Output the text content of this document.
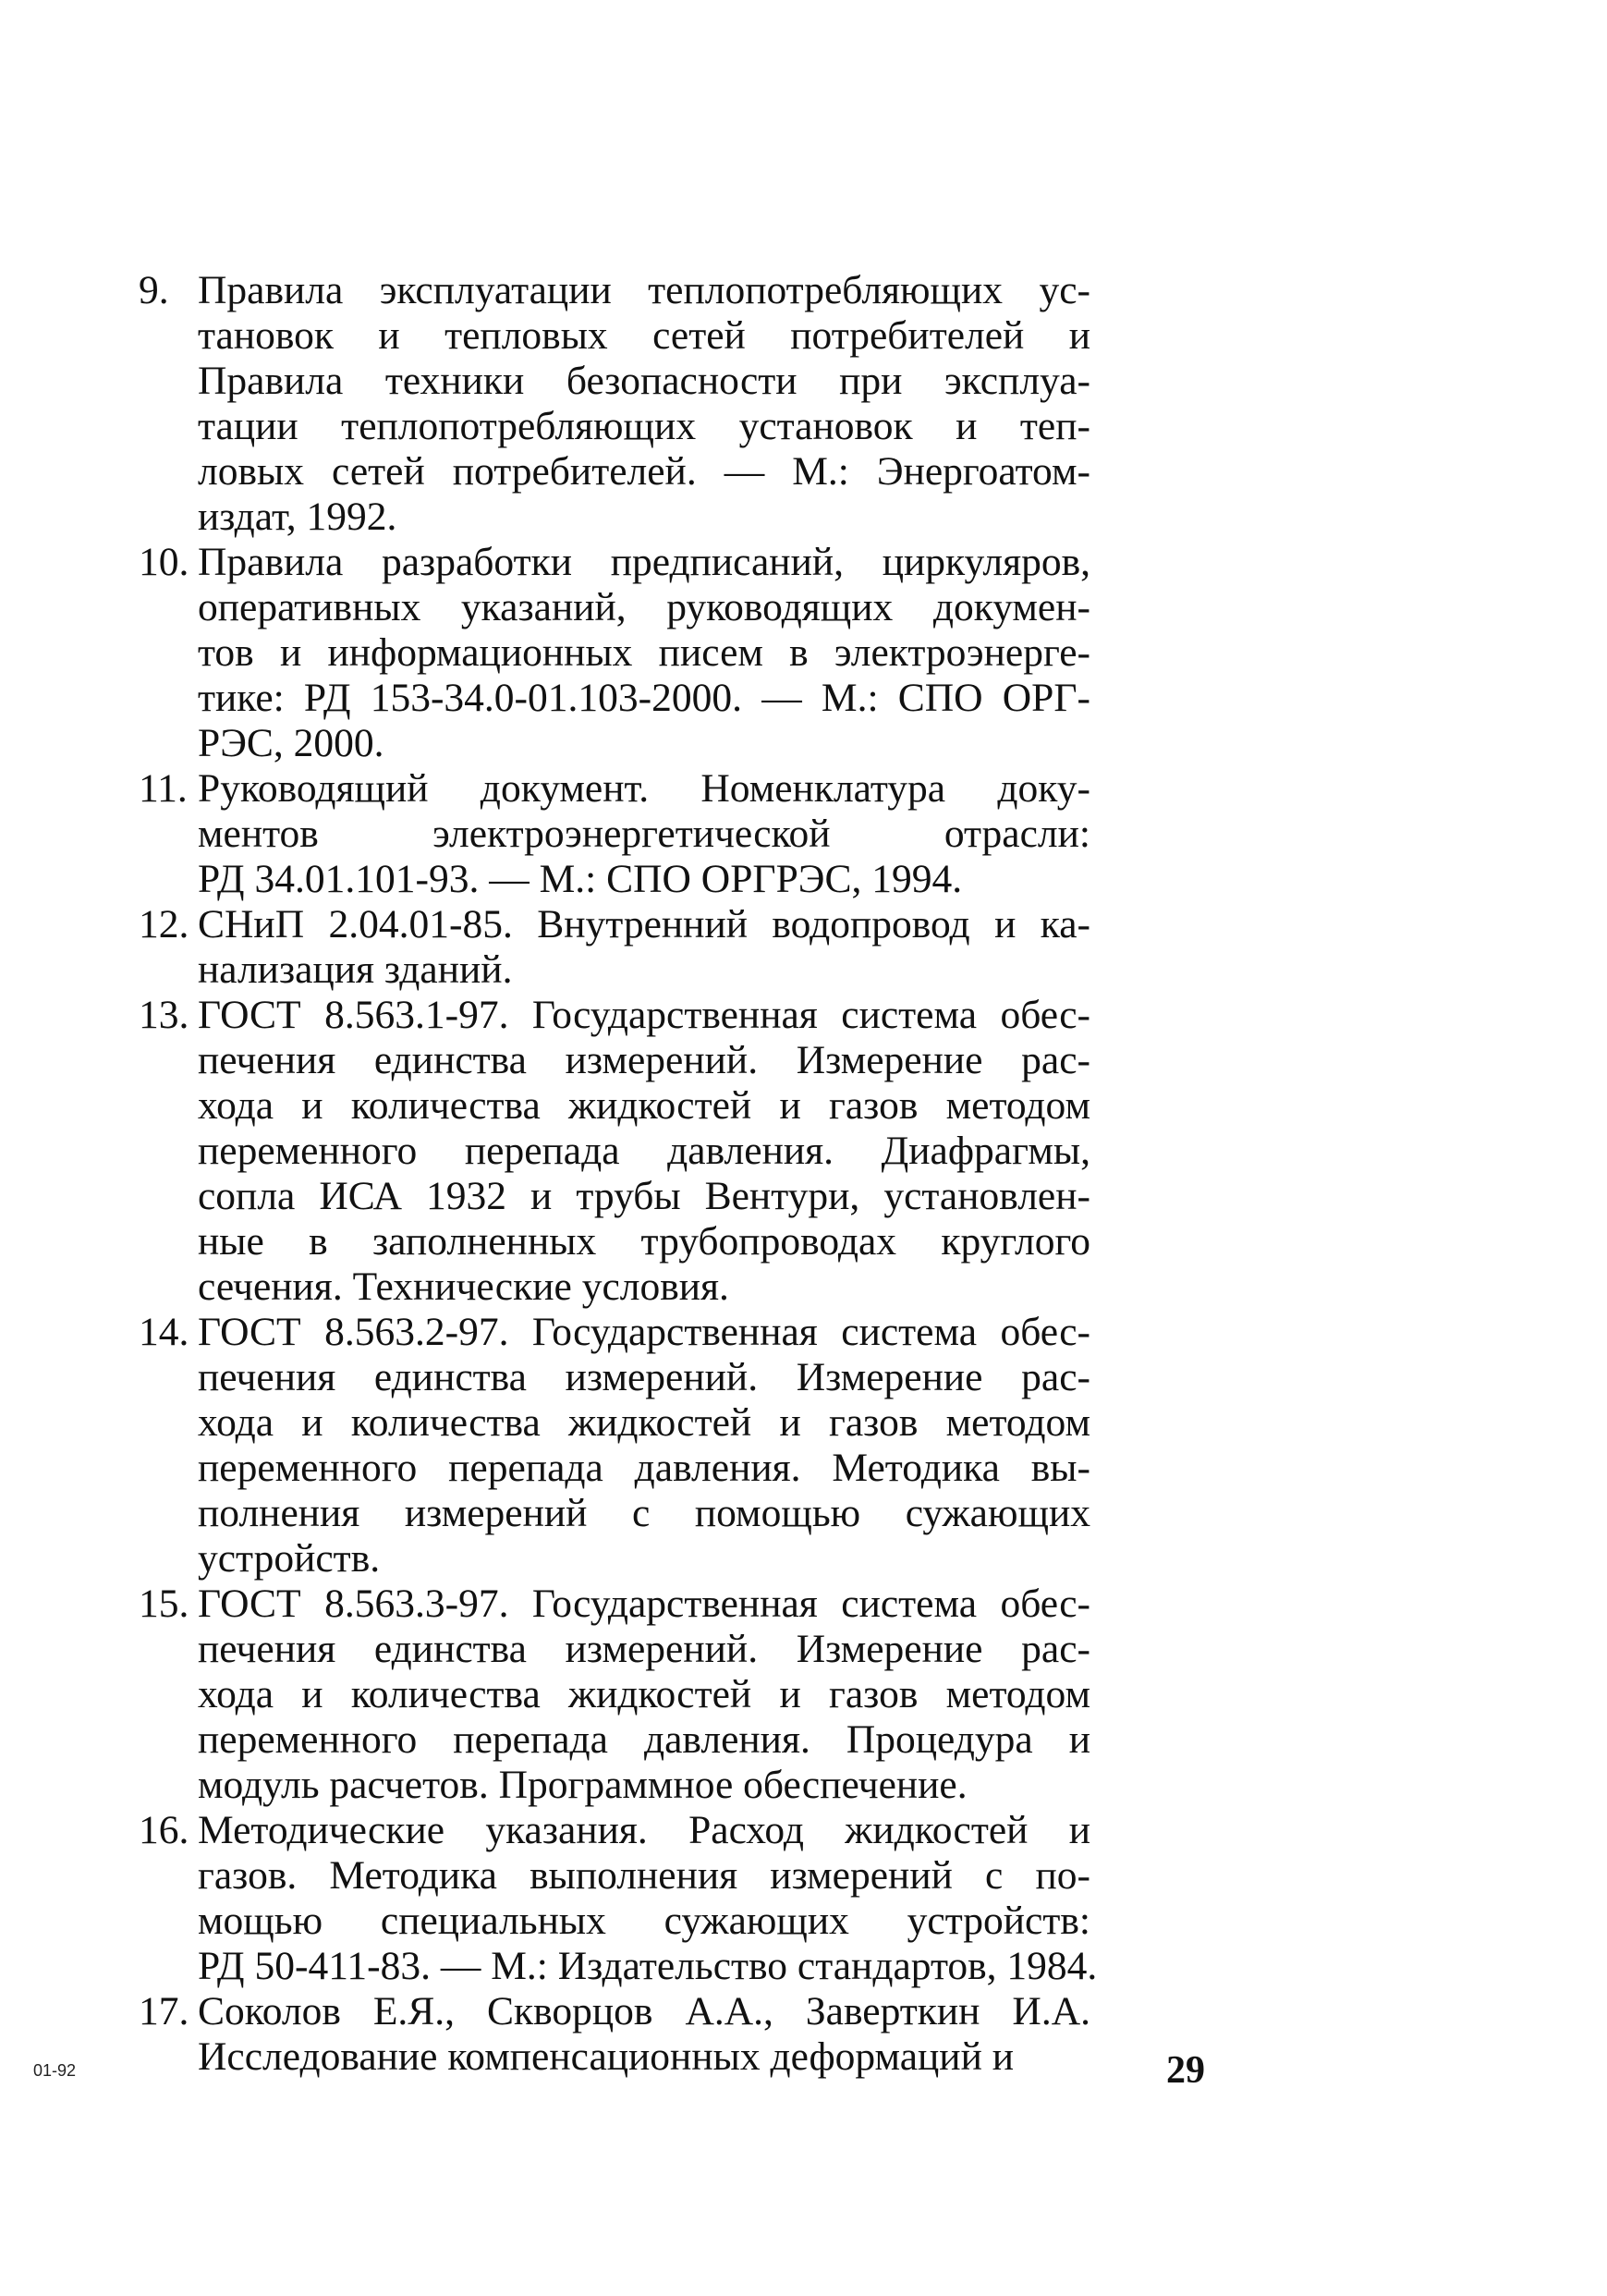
9. Правила эксплуатации теплопотребляющих ус-
тановок и тепловых сетей потребителей и
Правила техники безопасности при эксплуа-
тации теплопотребляющих установок и теп-
ловых сетей потребителей. — М.: Энергоатом-
издат, 1992.
10. Правила разработки предписаний, циркуляров,
оперативных указаний, руководящих докумен-
тов и информационных писем в электроэнерге-
тике: РД 153-34.0-01.103-2000. — М.: СПО ОРГ-
РЭС, 2000.
11. Руководящий документ. Номенклатура доку-
ментов электроэнергетической отрасли:
РД 34.01.101-93. — М.: СПО ОРГРЭС, 1994.
12. СНиП 2.04.01-85. Внутренний водопровод и ка-
нализация зданий.
13. ГОСТ 8.563.1-97. Государственная система обес-
печения единства измерений. Измерение рас-
хода и количества жидкостей и газов методом
переменного перепада давления. Диафрагмы,
сопла ИСА 1932 и трубы Вентури, установлен-
ные в заполненных трубопроводах круглого
сечения. Технические условия.
14. ГОСТ 8.563.2-97. Государственная система обес-
печения единства измерений. Измерение рас-
хода и количества жидкостей и газов методом
переменного перепада давления. Методика вы-
полнения измерений с помощью сужающих
устройств.
15. ГОСТ 8.563.3-97. Государственная система обес-
печения единства измерений. Измерение рас-
хода и количества жидкостей и газов методом
переменного перепада давления. Процедура и
модуль расчетов. Программное обеспечение.
16. Методические указания. Расход жидкостей и
газов. Методика выполнения измерений с по-
мощью специальных сужающих устройств:
РД 50-411-83. — М.: Издательство стандартов, 1984.
17. Соколов Е.Я., Скворцов А.А., Заверткин И.А.
Исследование компенсационных деформаций и
01-92	29
